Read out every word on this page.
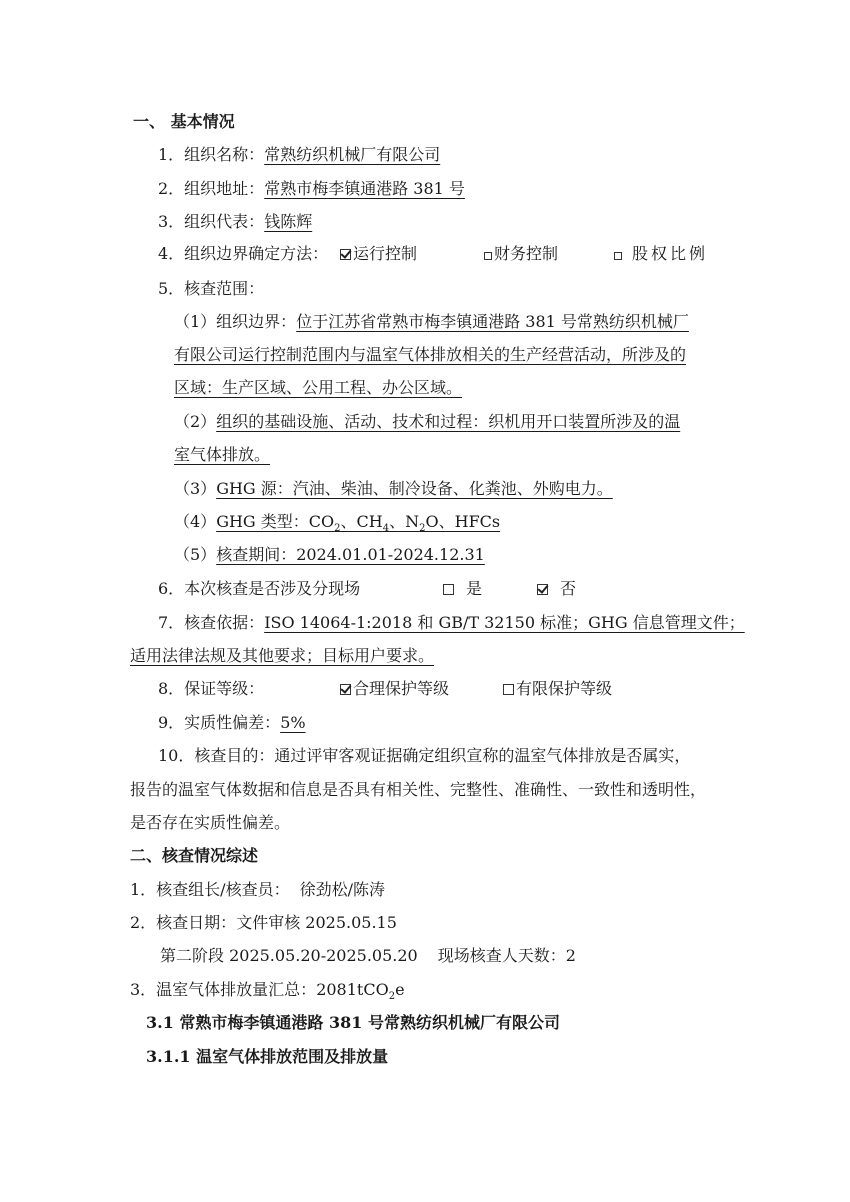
一、 基本情况
1．组织名称：常熟纺织机械厂有限公司
2．组织地址：常熟市梅李镇通港路 381 号
3．组织代表：钱陈辉
4．组织边界确定方法：	运行控制	财务控制	股权比例
5．核查范围：
（1）组织边界：位于江苏省常熟市梅李镇通港路 381 号常熟纺织机械厂
有限公司运行控制范围内与温室气体排放相关的生产经营活动，所涉及的
区域：生产区域、公用工程、办公区域。
（2）组织的基础设施、活动、技术和过程：织机用开口装置所涉及的温
室气体排放。
（3）GHG 源：汽油、柴油、制冷设备、化粪池、外购电力。
（4）GHG 类型：$CO_2$、$CH_4$、$N_2O$、HFCs
（5）核查期间：2024.01.01-2024.12.31
6．本次核查是否涉及分现场	是	否
7．核查依据：ISO 14064-1:2018 和 GB/T 32150 标准；GHG 信息管理文件；
适用法律法规及其他要求；目标用户要求。
8．保证等级：	合理保护等级	有限保护等级
9．实质性偏差：5%
10．核查目的：通过评审客观证据确定组织宣称的温室气体排放是否属实，
报告的温室气体数据和信息是否具有相关性、完整性、准确性、一致性和透明性，
是否存在实质性偏差。
二、核查情况综述
1．核查组长/核查员： 徐劲松/陈涛
2．核查日期：文件审核 2025.05.15
第二阶段 2025.05.20-2025.05.20 现场核查人天数：2
3．温室气体排放量汇总：2081tCO$_2$e
3.1 常熟市梅李镇通港路 381 号常熟纺织机械厂有限公司
3.1.1 温室气体排放范围及排放量
